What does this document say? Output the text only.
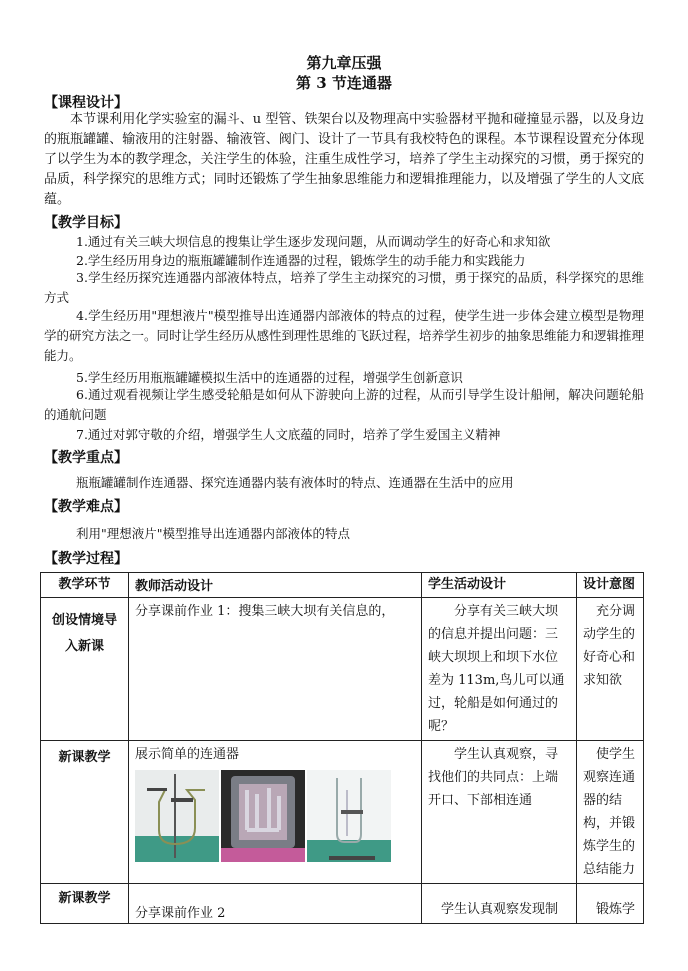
第九章压强
第 3 节连通器
【课程设计】
本节课利用化学实验室的漏斗、u 型管、铁架台以及物理高中实验器材平抛和碰撞显示器，以及身边的瓶瓶罐罐、输液用的注射器、输液管、阀门、设计了一节具有我校特色的课程。本节课程设置充分体现了以学生为本的教学理念，关注学生的体验，注重生成性学习，培养了学生主动探究的习惯，勇于探究的品质，科学探究的思维方式；同时还锻炼了学生抽象思维能力和逻辑推理能力，以及增强了学生的人文底蕴。
【教学目标】
1.通过有关三峡大坝信息的搜集让学生逐步发现问题，从而调动学生的好奇心和求知欲
2.学生经历用身边的瓶瓶罐罐制作连通器的过程，锻炼学生的动手能力和实践能力
3.学生经历探究连通器内部液体特点，培养了学生主动探究的习惯，勇于探究的品质，科学探究的思维方式
4.学生经历用"理想液片"模型推导出连通器内部液体的特点的过程，使学生进一步体会建立模型是物理学的研究方法之一。同时让学生经历从感性到理性思维的飞跃过程，培养学生初步的抽象思维能力和逻辑推理能力。
5.学生经历用瓶瓶罐罐模拟生活中的连通器的过程，增强学生创新意识
6.通过观看视频让学生感受轮船是如何从下游驶向上游的过程，从而引导学生设计船闸，解决问题轮船的通航问题
7.通过对郭守敬的介绍，增强学生人文底蕴的同时，培养了学生爱国主义精神
【教学重点】
瓶瓶罐罐制作连通器、探究连通器内装有液体时的特点、连通器在生活中的应用
【教学难点】
利用"理想液片"模型推导出连通器内部液体的特点
【教学过程】
教学环节	教师活动设计	学生活动设计	设计意图
创设情境导入新课	分享课前作业 1：搜集三峡大坝有关信息的，	分享有关三峡大坝的信息并提出问题：三峡大坝坝上和坝下水位差为 113m,鸟儿可以通过，轮船是如何通过的呢？	充分调动学生的好奇心和求知欲
新课教学	展示简单的连通器	学生认真观察，寻找他们的共同点：上端开口、下部相连通	使学生观察连通器的结构，并锻炼学生的总结能力
新课教学	分享课前作业 2	学生认真观察发现制	锻炼学
